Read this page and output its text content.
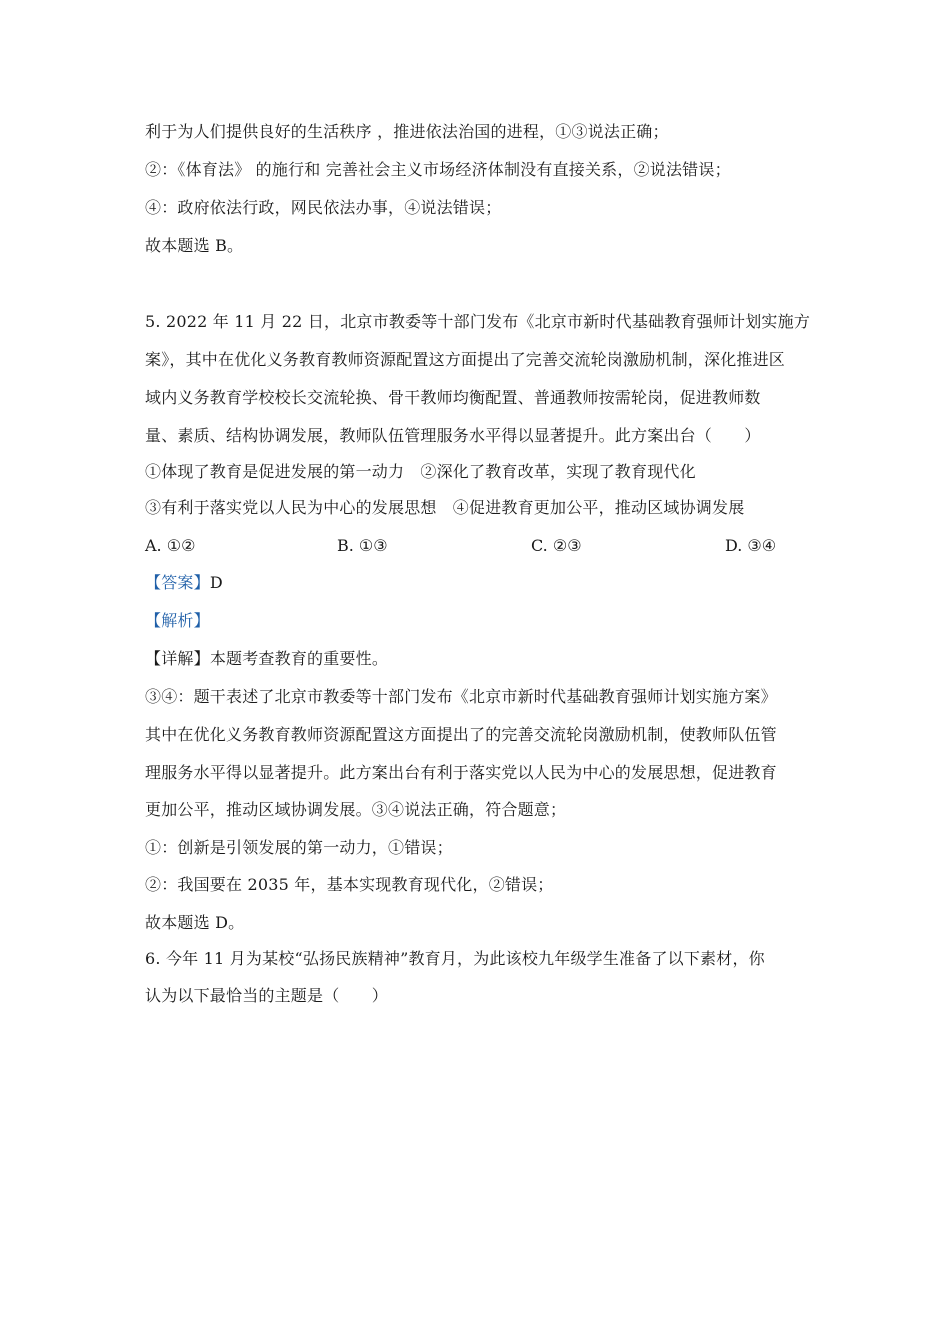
利于为人们提供良好的生活秩序 ，推进依法治国的进程，①③说法正确；
②：《体育法》 的施行和 完善社会主义市场经济体制没有直接关系，②说法错误；
④：政府依法行政，网民依法办事，④说法错误；
故本题选 B。
5. 2022 年 11 月 22 日，北京市教委等十部门发布《北京市新时代基础教育强师计划实施方
案》，其中在优化义务教育教师资源配置这方面提出了完善交流轮岗激励机制，深化推进区
域内义务教育学校校长交流轮换、骨干教师均衡配置、普通教师按需轮岗，促进教师数
量、素质、结构协调发展，教师队伍管理服务水平得以显著提升。此方案出台（　　）
①体现了教育是促进发展的第一动力　②深化了教育改革，实现了教育现代化
③有利于落实党以人民为中心的发展思想　④促进教育更加公平，推动区域协调发展
A. ①②	B. ①③	C. ②③	D. ③④
【答案】D
【解析】
【详解】本题考查教育的重要性。
③④：题干表述了北京市教委等十部门发布《北京市新时代基础教育强师计划实施方案》
其中在优化义务教育教师资源配置这方面提出了的完善交流轮岗激励机制，使教师队伍管
理服务水平得以显著提升。此方案出台有利于落实党以人民为中心的发展思想，促进教育
更加公平，推动区域协调发展。③④说法正确，符合题意；
①：创新是引领发展的第一动力，①错误；
②：我国要在 2035 年，基本实现教育现代化，②错误；
故本题选 D。
6. 今年 11 月为某校“弘扬民族精神”教育月，为此该校九年级学生准备了以下素材，你
认为以下最恰当的主题是（　　）
